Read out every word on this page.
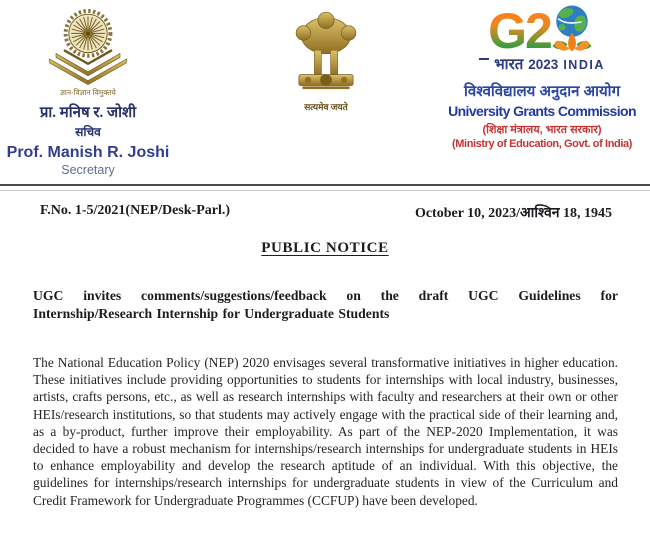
ज्ञान-विज्ञान विमुक्तये
प्रा. मनिष र. जोशी
सचिव
Prof. Manish R. Joshi
Secretary
सत्यमेव जयते
G2
भारत 2023 INDIA
विश्वविद्यालय अनुदान आयोग
University Grants Commission
(शिक्षा मंत्रालय, भारत सरकार)
(Ministry of Education, Govt. of India)
F.No. 1-5/2021(NEP/Desk-Parl.)	October 10, 2023/आश्विन 18, 1945
PUBLIC NOTICE
UGC invites comments/suggestions/feedback on the draft UGC Guidelines for Internship/Research Internship for Undergraduate Students
The National Education Policy (NEP) 2020 envisages several transformative initiatives in higher education. These initiatives include providing opportunities to students for internships with local industry, businesses, artists, crafts persons, etc., as well as research internships with faculty and researchers at their own or other HEIs/research institutions, so that students may actively engage with the practical side of their learning and, as a by-product, further improve their employability. As part of the NEP-2020 Implementation, it was decided to have a robust mechanism for internships/research internships for undergraduate students in HEIs to enhance employability and develop the research aptitude of an individual. With this objective, the guidelines for internships/research internships for undergraduate students in view of the Curriculum and Credit Framework for Undergraduate Programmes (CCFUP) have been developed.
